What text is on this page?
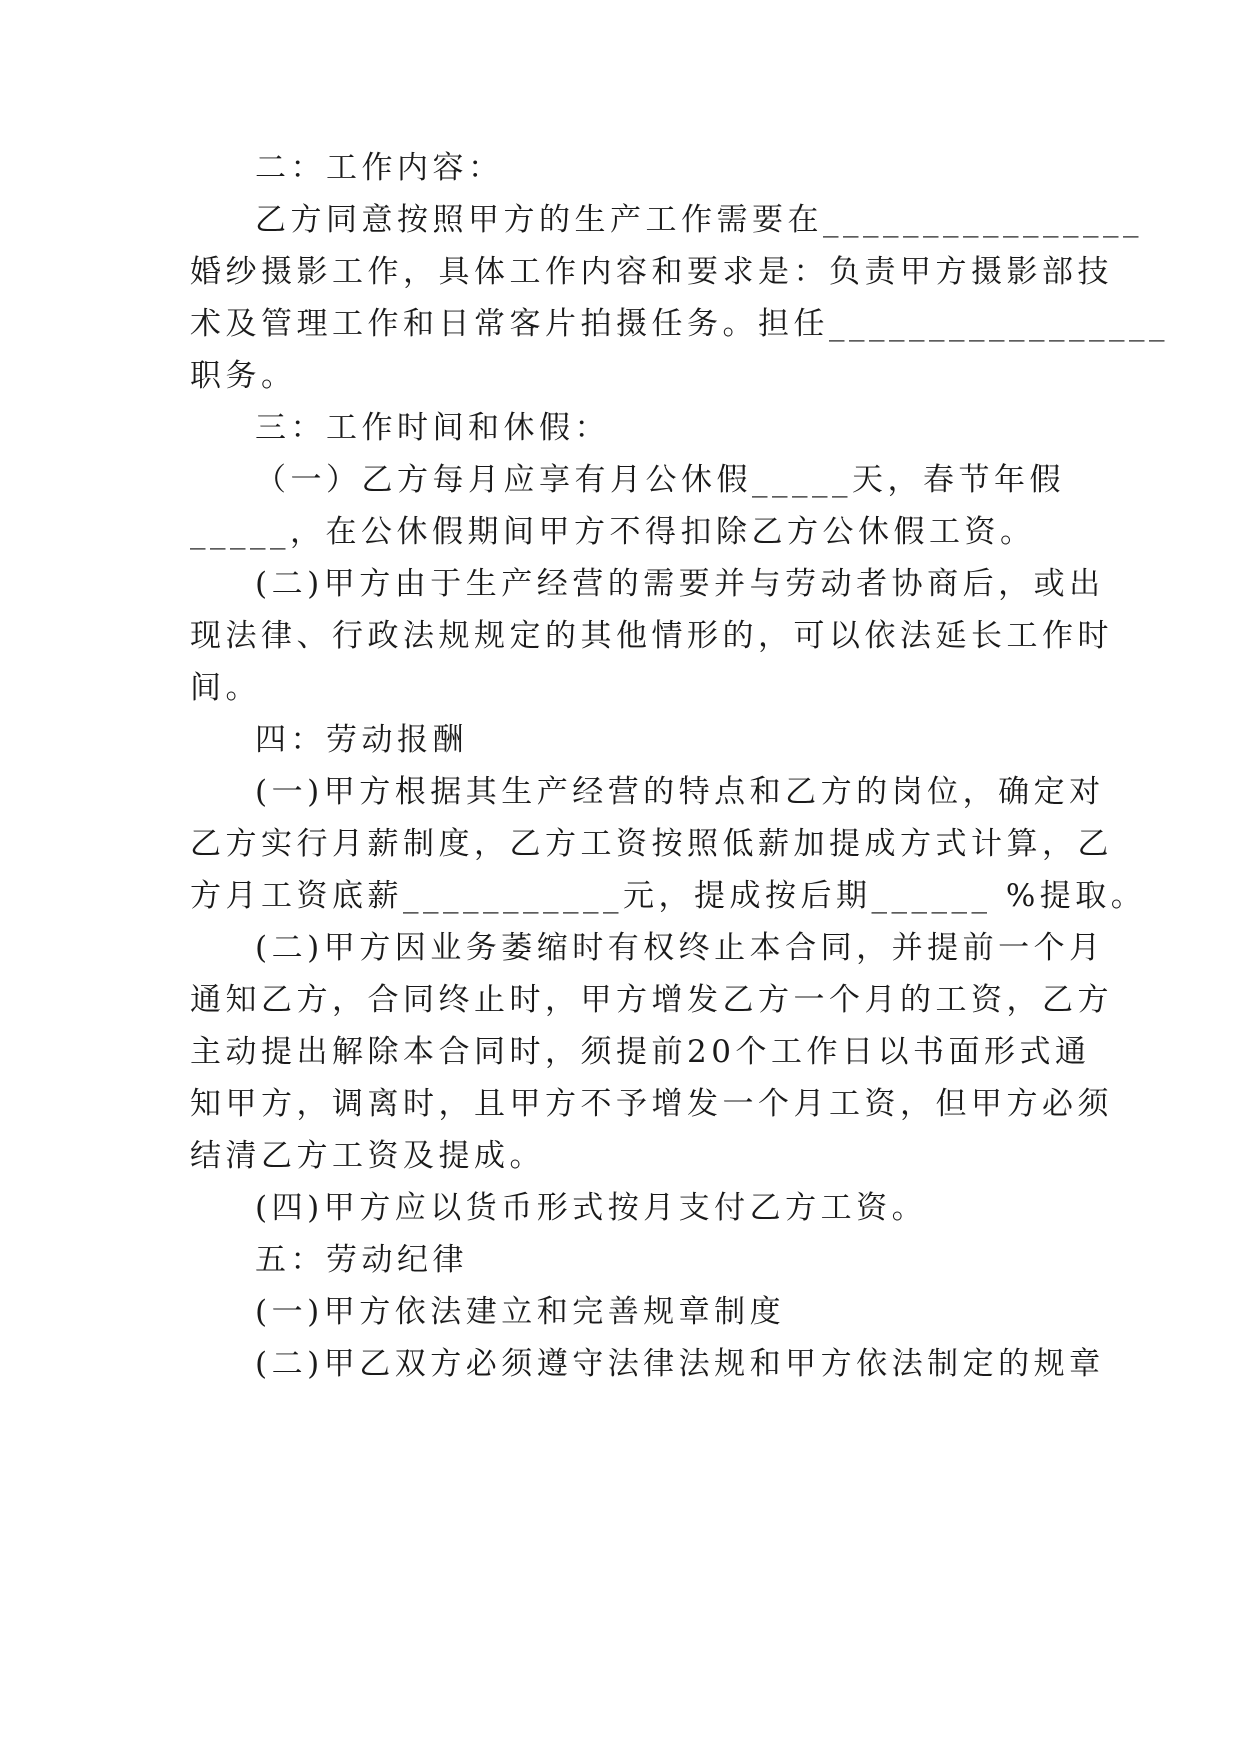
二：工作内容：
乙方同意按照甲方的生产工作需要在________________
婚纱摄影工作，具体工作内容和要求是：负责甲方摄影部技
术及管理工作和日常客片拍摄任务。担任_________________
职务。
三：工作时间和休假：
（一）乙方每月应享有月公休假_____天，春节年假
_____，在公休假期间甲方不得扣除乙方公休假工资。
(二)甲方由于生产经营的需要并与劳动者协商后，或出
现法律、行政法规规定的其他情形的，可以依法延长工作时
间。
四：劳动报酬
(一)甲方根据其生产经营的特点和乙方的岗位，确定对
乙方实行月薪制度，乙方工资按照低薪加提成方式计算，乙
方月工资底薪___________元，提成按后期______ %提取。
(二)甲方因业务萎缩时有权终止本合同，并提前一个月
通知乙方，合同终止时，甲方增发乙方一个月的工资，乙方
主动提出解除本合同时，须提前20个工作日以书面形式通
知甲方，调离时，且甲方不予增发一个月工资，但甲方必须
结清乙方工资及提成。
(四)甲方应以货币形式按月支付乙方工资。
五：劳动纪律
(一)甲方依法建立和完善规章制度
(二)甲乙双方必须遵守法律法规和甲方依法制定的规章
